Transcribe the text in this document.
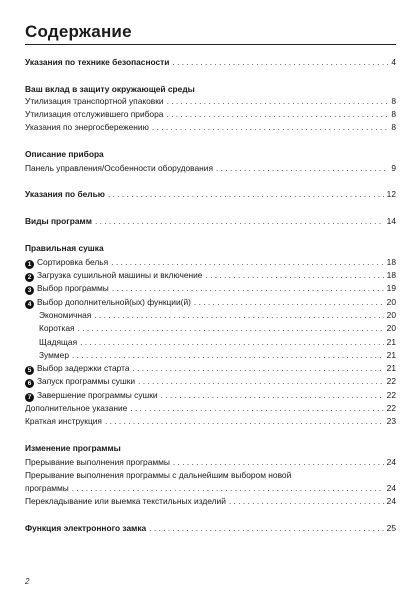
Содержание
Указания по технике безопасности . . .	4
Ваш вклад в защиту окружающей среды
Утилизация транспортной упаковки . . .	8
Утилизация отслужившего прибора . . .	8
Указания по энергосбережению . . .	8
Описание прибора
Панель управления/Особенности оборудования . . .	9
Указания по белью . . .	12
Виды программ . . .	14
Правильная сушка
1 Сортировка белья . . .	18
2 Загрузка сушильной машины и включение . . .	18
3 Выбор программы . . .	19
4 Выбор дополнительной(ых) функции(й) . . .	20
Экономичная . . .	20
Короткая . . .	20
Щадящая . . .	21
Зуммер . . .	21
5 Выбор задержки старта . . .	21
6 Запуск программы сушки . . .	22
7 Завершение программы сушки . . .	22
Дополнительное указание . . .	22
Краткая инструкция . . .	23
Изменение программы
Прерывание выполнения программы . . .	24
Прерывание выполнения программы с дальнейшим выбором новой
программы . . .	24
Перекладывание или выемка текстильных изделий . . .	24
Функция электронного замка . . .	25
2
